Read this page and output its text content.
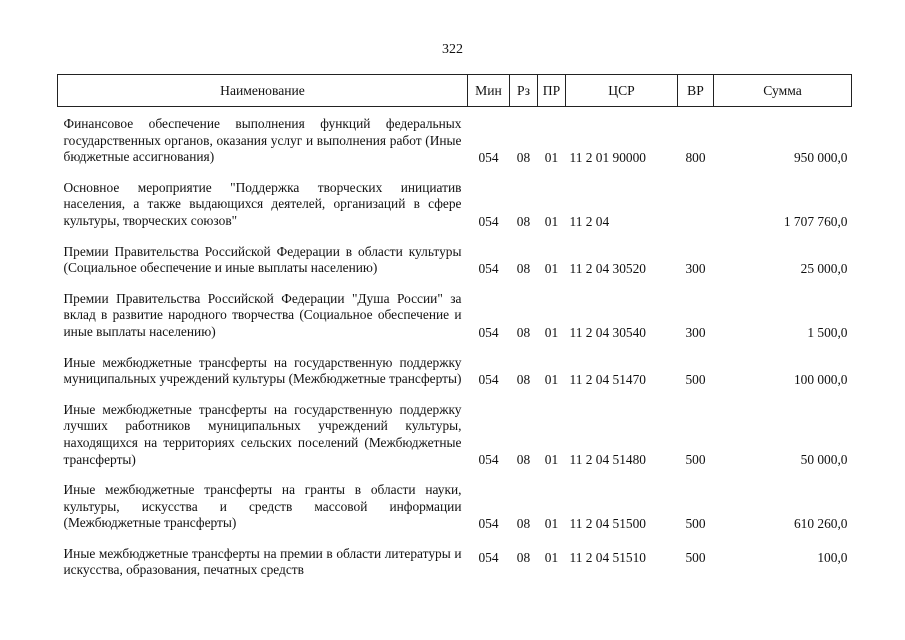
322
Наименование	Мин	Рз	ПР	ЦСР	ВР	Сумма
Финансовое обеспечение выполнения функций федеральных государственных органов, оказания услуг и выполнения работ (Иные бюджетные ассигнования)	054	08	01	11 2 01 90000	800	950 000,0
Основное мероприятие "Поддержка творческих инициатив населения, а также выдающихся деятелей, организаций в сфере культуры, творческих союзов"	054	08	01	11 2 04		1 707 760,0
Премии Правительства Российской Федерации в области культуры (Социальное обеспечение и иные выплаты населению)	054	08	01	11 2 04 30520	300	25 000,0
Премии Правительства Российской Федерации "Душа России" за вклад в развитие народного творчества (Социальное обеспечение и иные выплаты населению)	054	08	01	11 2 04 30540	300	1 500,0
Иные межбюджетные трансферты на государственную поддержку муниципальных учреждений культуры (Межбюджетные трансферты)	054	08	01	11 2 04 51470	500	100 000,0
Иные межбюджетные трансферты на государственную поддержку лучших работников муниципальных учреждений культуры, находящихся на территориях сельских поселений (Межбюджетные трансферты)	054	08	01	11 2 04 51480	500	50 000,0
Иные межбюджетные трансферты на гранты в области науки, культуры, искусства и средств массовой информации (Межбюджетные трансферты)	054	08	01	11 2 04 51500	500	610 260,0
Иные межбюджетные трансферты на премии в области литературы и искусства, образования, печатных средств	054	08	01	11 2 04 51510	500	100,0
